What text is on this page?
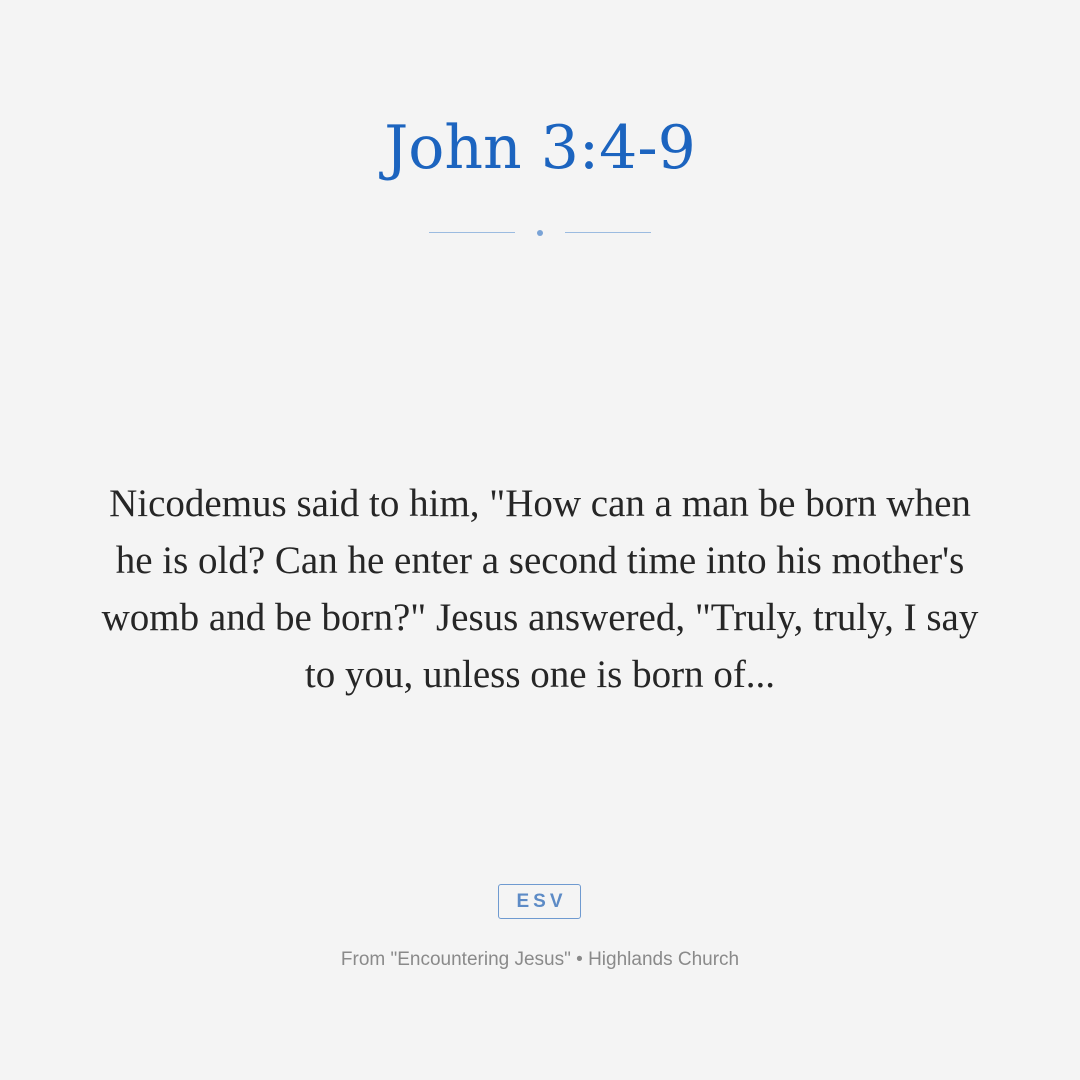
John 3:4-9

Nicodemus said to him, "How can a man be born when he is old? Can he enter a second time into his mother's womb and be born?" Jesus answered, "Truly, truly, I say to you, unless one is born of...

ESV
From "Encountering Jesus" • Highlands Church
